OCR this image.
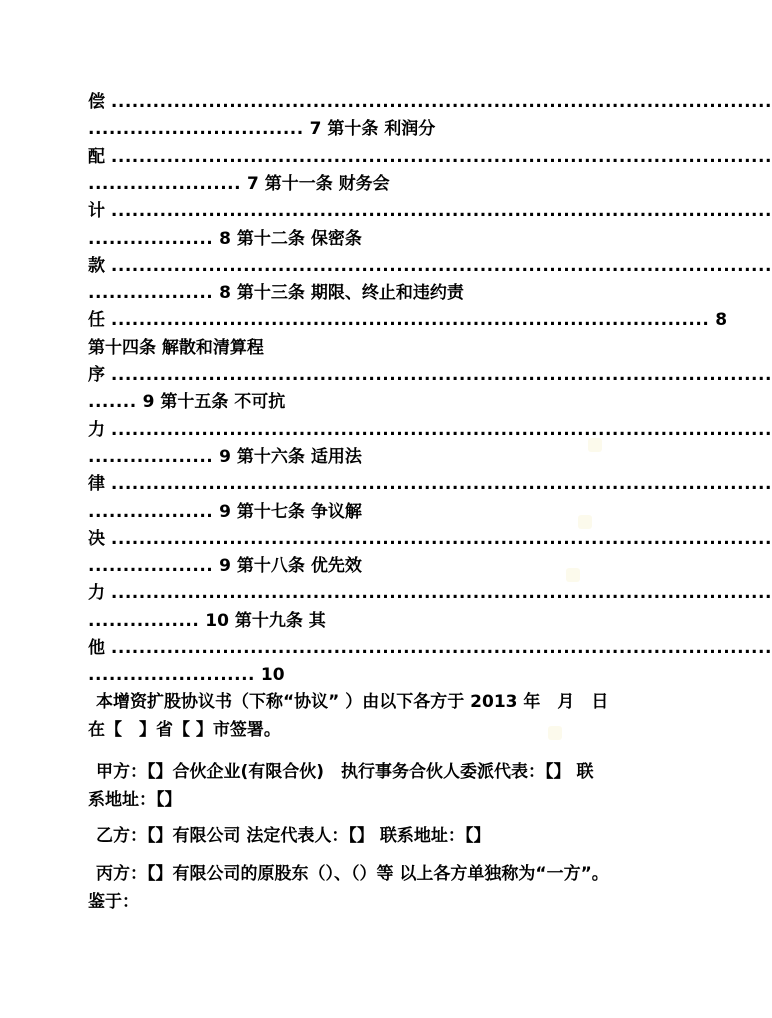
偿 ...............................................................................................
............................... 7 第十条 利润分
配 ...............................................................................................
...................... 7 第十一条 财务会
计 ...............................................................................................
.................. 8 第十二条 保密条
款 ...............................................................................................
.................. 8 第十三条 期限、终止和违约责
任 ...................................................................................... 8
第十四条 解散和清算程
序 ...............................................................................................
....... 9 第十五条 不可抗
力 ...............................................................................................
.................. 9 第十六条 适用法
律 ...............................................................................................
.................. 9 第十七条 争议解
决 ...............................................................................................
.................. 9 第十八条 优先效
力 ...............................................................................................
................ 10 第十九条 其
他 ...............................................................................................
........................ 10
本增资扩股协议书（下称“协议” ）由以下各方于 2013 年　月　日
在【　】省【 】市签署。
甲方：【】合伙企业(有限合伙)　执行事务合伙人委派代表：【】 联
系地址：【】
乙方：【】有限公司 法定代表人：【】 联系地址：【】
丙方：【】有限公司的原股东（）、（）等 以上各方单独称为“一方”。
鉴于：
